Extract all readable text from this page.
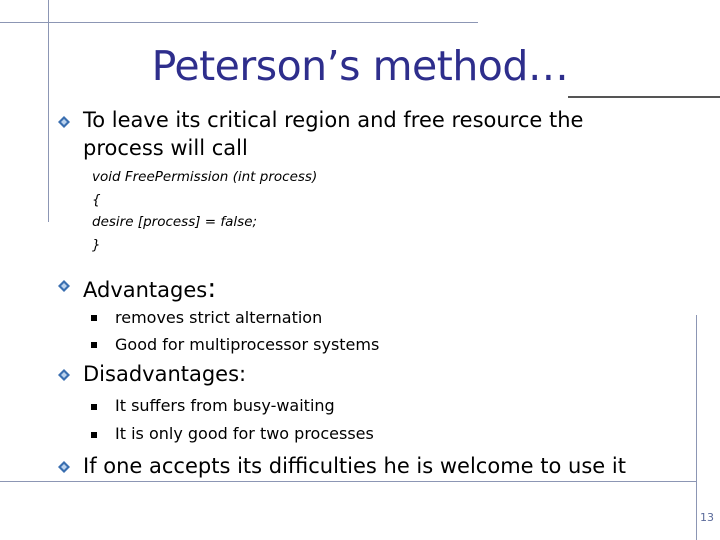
Peterson’s method…
To leave its critical region and free resource the
process will call
void FreePermission (int process)
{
desire [process] = false;
}
Advantages:
removes strict alternation
Good for multiprocessor systems
Disadvantages:
It suffers from busy-waiting
It is only good for two processes
If one accepts its difficulties he is welcome to use it
13
